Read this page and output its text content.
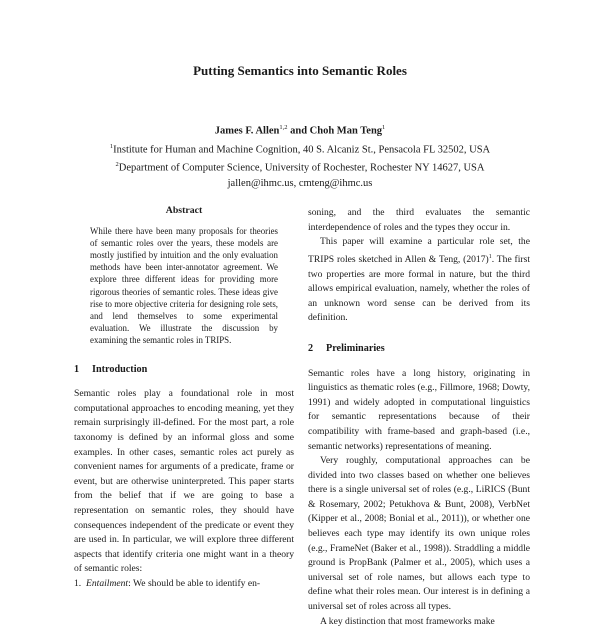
Putting Semantics into Semantic Roles
James F. Allen$^{1,2}$ and Choh Man Teng$^1$
$^1$Institute for Human and Machine Cognition, 40 S. Alcaniz St., Pensacola FL 32502, USA
$^2$Department of Computer Science, University of Rochester, Rochester NY 14627, USA
jallen@ihmc.us, cmteng@ihmc.us
Abstract

While there have been many proposals for theories of semantic roles over the years, these models are mostly justified by intuition and the only evaluation methods have been inter-annotator agreement. We explore three different ideas for providing more rigorous theories of semantic roles. These ideas give rise to more objective criteria for designing role sets, and lend themselves to some experimental evaluation. We illustrate the discussion by examining the semantic roles in TRIPS.

1 Introduction

Semantic roles play a foundational role in most computational approaches to encoding meaning, yet they remain surprisingly ill-defined. For the most part, a role taxonomy is defined by an informal gloss and some examples. In other cases, semantic roles act purely as convenient names for arguments of a predicate, frame or event, but are otherwise uninterpreted. This paper starts from the belief that if we are going to base a representation on semantic roles, they should have consequences independent of the predicate or event they are used in. In particular, we will explore three different aspects that identify criteria one might want in a theory of semantic roles:

1. Entailment: We should be able to identify en-

soning, and the third evaluates the semantic interdependence of roles and the types they occur in.

This paper will examine a particular role set, the TRIPS roles sketched in Allen & Teng, $(2017)^1$. The first two properties are more formal in nature, but the third allows empirical evaluation, namely, whether the roles of an unknown word sense can be derived from its definition.

2 Preliminaries

Semantic roles have a long history, originating in linguistics as thematic roles (e.g., Fillmore, 1968; Dowty, 1991) and widely adopted in computational linguistics for semantic representations because of their compatibility with frame-based and graph-based (i.e., semantic networks) representations of meaning.

Very roughly, computational approaches can be divided into two classes based on whether one believes there is a single universal set of roles (e.g., LiRICS (Bunt & Rosemary, 2002; Petukhova & Bunt, 2008), VerbNet (Kipper et al., 2008; Bonial et al., 2011)), or whether one believes each type may identify its own unique roles (e.g., FrameNet (Baker et al., 1998)). Straddling a middle ground is PropBank (Palmer et al., 2005), which uses a universal set of role names, but allows each type to define what their roles mean. Our interest is in defining a universal set of roles across all types.

A key distinction that most frameworks make
